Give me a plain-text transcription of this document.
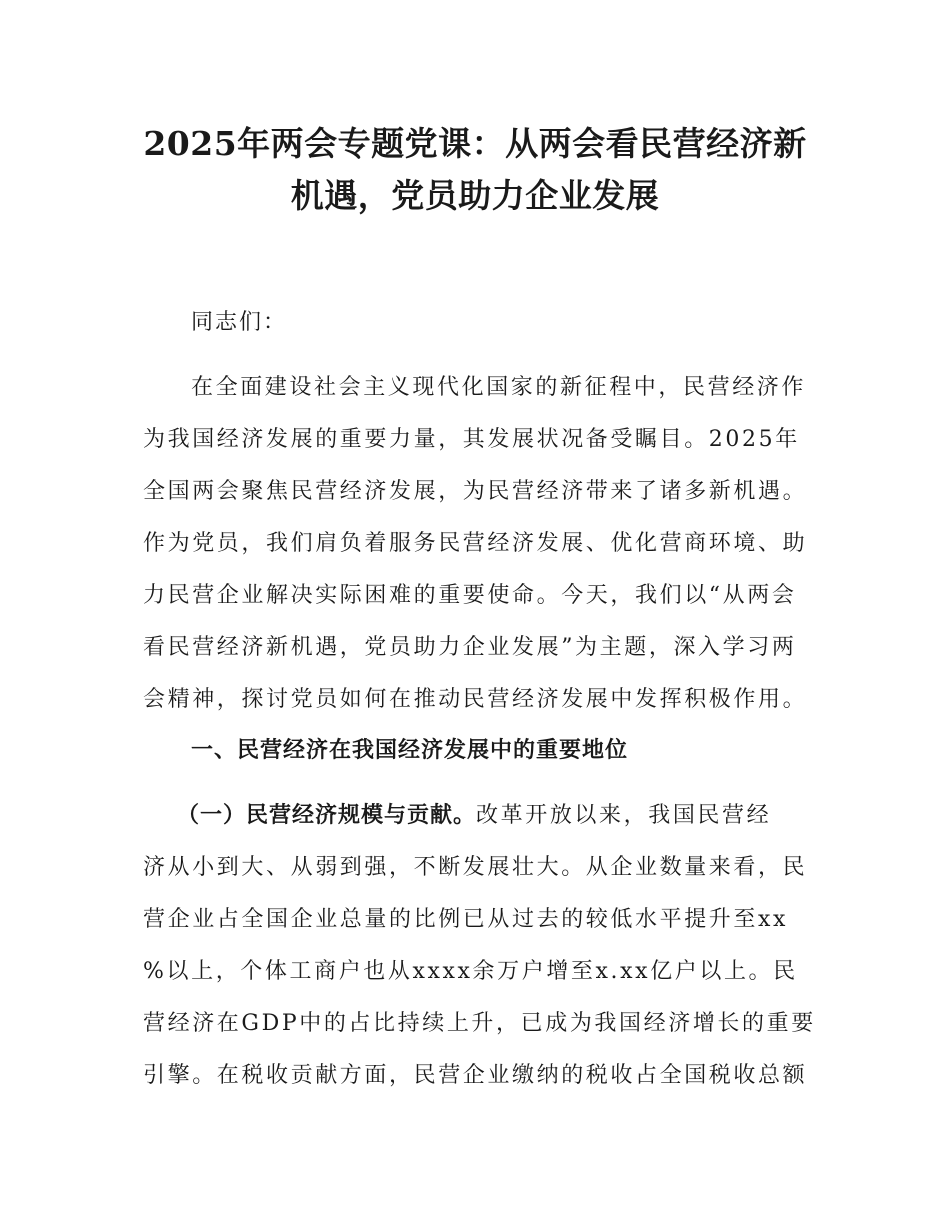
2025年两会专题党课：从两会看民营经济新
机遇，党员助力企业发展

同志们：

在全面建设社会主义现代化国家的新征程中，民营经济作
为我国经济发展的重要力量，其发展状况备受瞩目。2025年
全国两会聚焦民营经济发展，为民营经济带来了诸多新机遇。
作为党员，我们肩负着服务民营经济发展、优化营商环境、助
力民营企业解决实际困难的重要使命。今天，我们以“从两会
看民营经济新机遇，党员助力企业发展”为主题，深入学习两
会精神，探讨党员如何在推动民营经济发展中发挥积极作用。
一、民营经济在我国经济发展中的重要地位
（一）民营经济规模与贡献。改革开放以来，我国民营经
济从小到大、从弱到强，不断发展壮大。从企业数量来看，民
营企业占全国企业总量的比例已从过去的较低水平提升至xx
%以上，个体工商户也从xxxx余万户增至x.xx亿户以上。民
营经济在GDP中的占比持续上升，已成为我国经济增长的重要
引擎。在税收贡献方面，民营企业缴纳的税收占全国税收总额
